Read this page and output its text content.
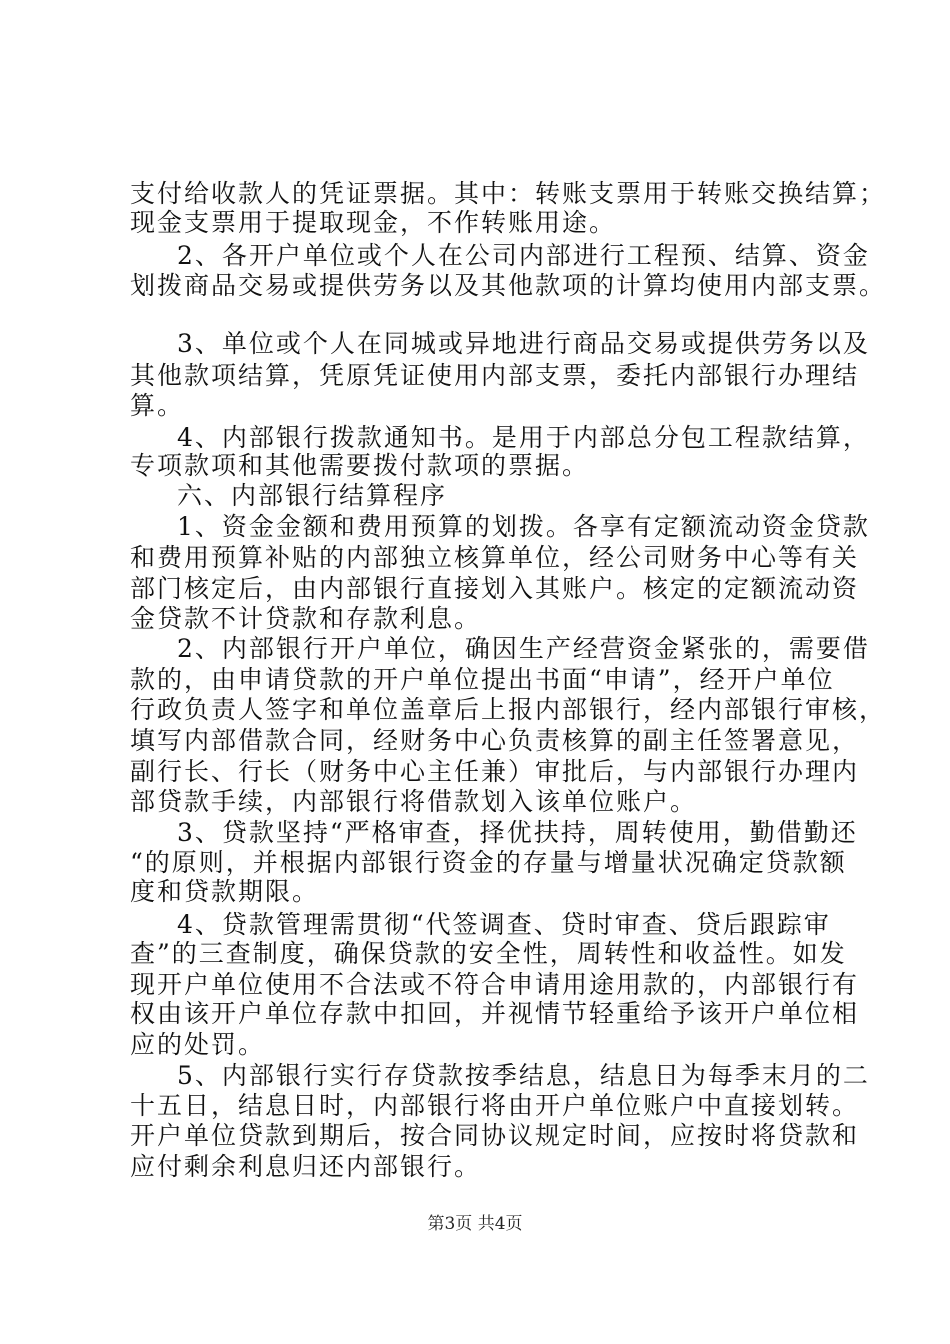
支付给收款人的凭证票据。其中：转账支票用于转账交换结算；
现金支票用于提取现金，不作转账用途。
2、各开户单位或个人在公司内部进行工程预、结算、资金
划拨商品交易或提供劳务以及其他款项的计算均使用内部支票。
3、单位或个人在同城或异地进行商品交易或提供劳务以及
其他款项结算，凭原凭证使用内部支票，委托内部银行办理结
算。
4、内部银行拨款通知书。是用于内部总分包工程款结算，
专项款项和其他需要拨付款项的票据。
六、内部银行结算程序
1、资金金额和费用预算的划拨。各享有定额流动资金贷款
和费用预算补贴的内部独立核算单位，经公司财务中心等有关
部门核定后，由内部银行直接划入其账户。核定的定额流动资
金贷款不计贷款和存款利息。
2、内部银行开户单位，确因生产经营资金紧张的，需要借
款的，由申请贷款的开户单位提出书面“申请”，经开户单位
行政负责人签字和单位盖章后上报内部银行，经内部银行审核，
填写内部借款合同，经财务中心负责核算的副主任签署意见，
副行长、行长（财务中心主任兼）审批后，与内部银行办理内
部贷款手续，内部银行将借款划入该单位账户。
3、贷款坚持“严格审查，择优扶持，周转使用，勤借勤还
“的原则，并根据内部银行资金的存量与增量状况确定贷款额
度和贷款期限。
4、贷款管理需贯彻“代签调查、贷时审查、贷后跟踪审
查”的三查制度，确保贷款的安全性，周转性和收益性。如发
现开户单位使用不合法或不符合申请用途用款的，内部银行有
权由该开户单位存款中扣回，并视情节轻重给予该开户单位相
应的处罚。
5、内部银行实行存贷款按季结息，结息日为每季末月的二
十五日，结息日时，内部银行将由开户单位账户中直接划转。
开户单位贷款到期后，按合同协议规定时间，应按时将贷款和
应付剩余利息归还内部银行。
第3页 共4页
